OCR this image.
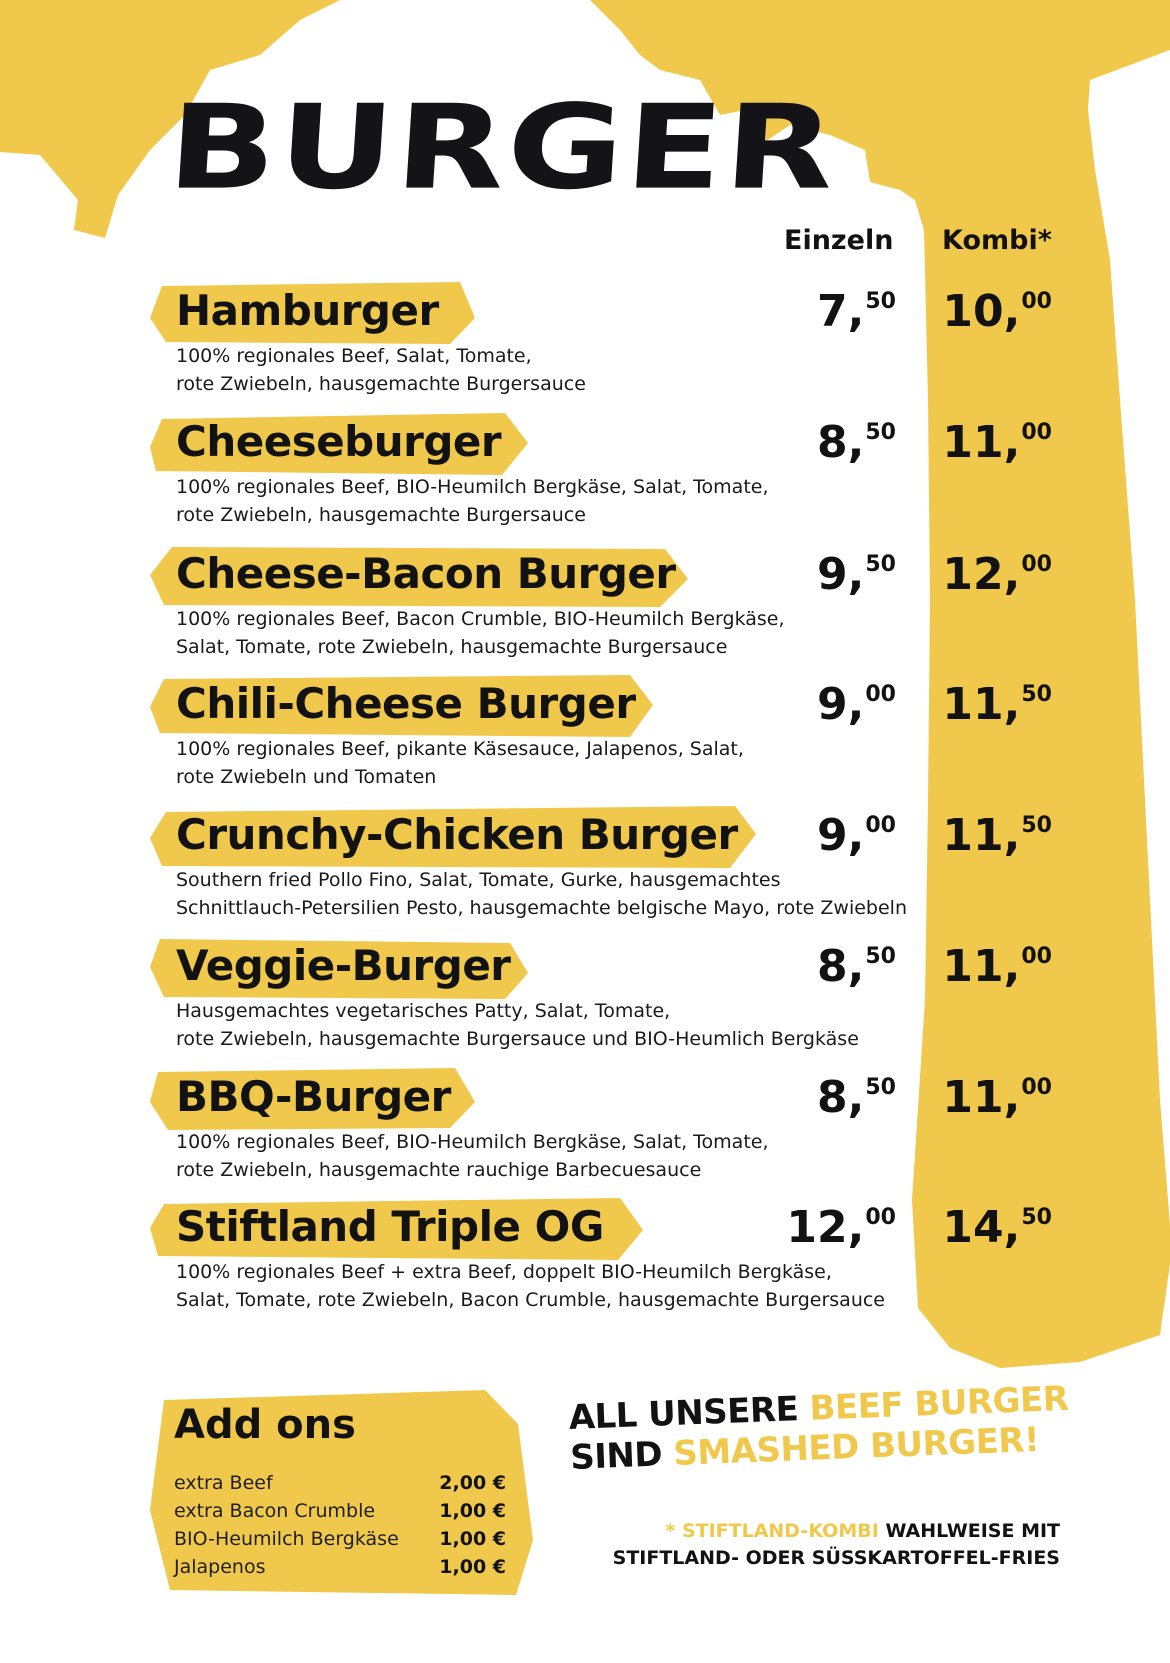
BURGER
Einzeln Kombi*
Hamburger
100% regionales Beef, Salat, Tomate,
rote Zwiebeln, hausgemachte Burgersauce
7,50 10,00
Cheeseburger
100% regionales Beef, BIO-Heumilch Bergkäse, Salat, Tomate,
rote Zwiebeln, hausgemachte Burgersauce
8,50 11,00
Cheese-Bacon Burger
100% regionales Beef, Bacon Crumble, BIO-Heumilch Bergkäse,
Salat, Tomate, rote Zwiebeln, hausgemachte Burgersauce
9,50 12,00
Chili-Cheese Burger
100% regionales Beef, pikante Käsesauce, Jalapenos, Salat,
rote Zwiebeln und Tomaten
9,00 11,50
Crunchy-Chicken Burger
Southern fried Pollo Fino, Salat, Tomate, Gurke, hausgemachtes
Schnittlauch-Petersilien Pesto, hausgemachte belgische Mayo, rote Zwiebeln
9,00 11,50
Veggie-Burger
Hausgemachtes vegetarisches Patty, Salat, Tomate,
rote Zwiebeln, hausgemachte Burgersauce und BIO-Heumlich Bergkäse
8,50 11,00
BBQ-Burger
100% regionales Beef, BIO-Heumilch Bergkäse, Salat, Tomate,
rote Zwiebeln, hausgemachte rauchige Barbecuesauce
8,50 11,00
Stiftland Triple OG
100% regionales Beef + extra Beef, doppelt BIO-Heumilch Bergkäse,
Salat, Tomate, rote Zwiebeln, Bacon Crumble, hausgemachte Burgersauce
12,00 14,50
Add ons
extra Beef	2,00 €
extra Bacon Crumble	1,00 €
BIO-Heumilch Bergkäse 1,00 €
Jalapenos	1,00 €
ALL UNSERE BEEF BURGER
SIND SMASHED BURGER!
* STIFTLAND-KOMBI WAHLWEISE MIT
STIFTLAND- ODER SÜSSKARTOFFEL-FRIES
